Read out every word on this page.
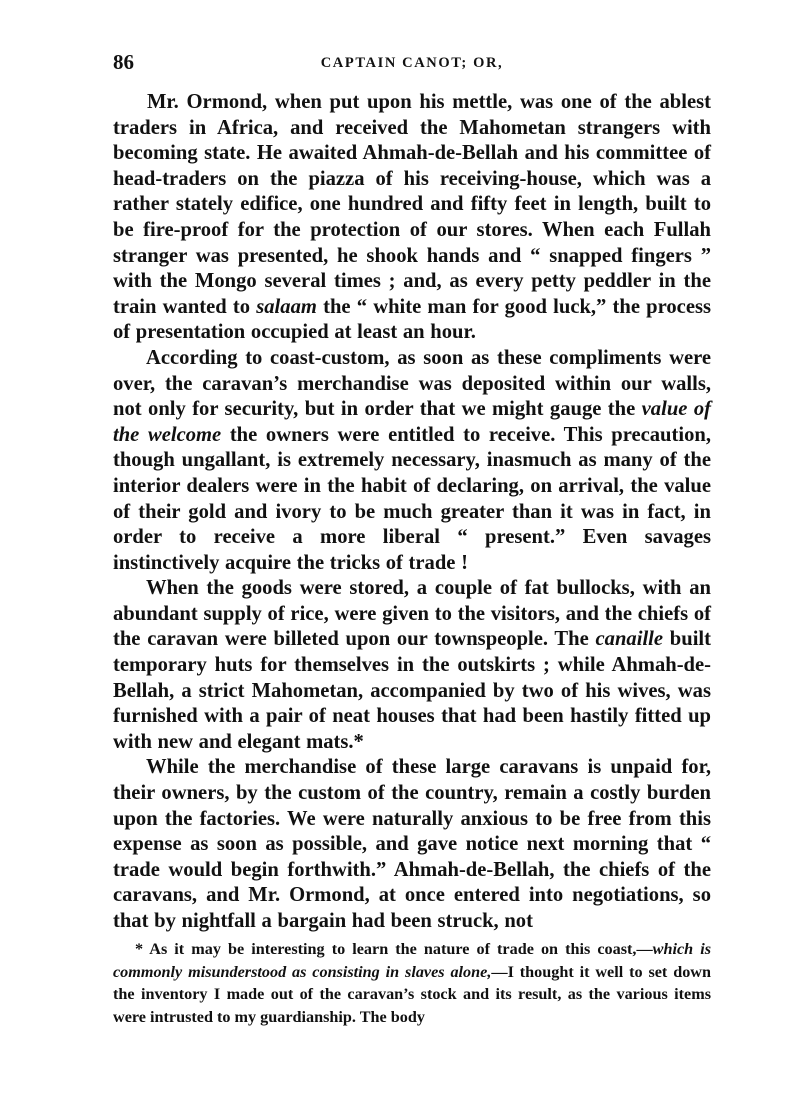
86	CAPTAIN CANOT; OR,

Mr. Ormond, when put upon his mettle, was one of the ablest traders in Africa, and received the Mahometan strangers with becoming state. He awaited Ahmah-de-Bellah and his committee of head-traders on the piazza of his receiving-house, which was a rather stately edifice, one hundred and fifty feet in length, built to be fire-proof for the protection of our stores. When each Fullah stranger was presented, he shook hands and “ snapped fingers ” with the Mongo several times ; and, as every petty peddler in the train wanted to salaam the “ white man for good luck,” the process of presentation occupied at least an hour.

According to coast-custom, as soon as these compliments were over, the caravan’s merchandise was deposited within our walls, not only for security, but in order that we might gauge the value of the welcome the owners were entitled to receive. This precaution, though ungallant, is extremely necessary, inasmuch as many of the interior dealers were in the habit of declaring, on arrival, the value of their gold and ivory to be much greater than it was in fact, in order to receive a more liberal “ present.” Even savages instinctively acquire the tricks of trade !

When the goods were stored, a couple of fat bullocks, with an abundant supply of rice, were given to the visitors, and the chiefs of the caravan were billeted upon our townspeople. The canaille built temporary huts for themselves in the outskirts ; while Ahmah-de-Bellah, a strict Mahometan, accompanied by two of his wives, was furnished with a pair of neat houses that had been hastily fitted up with new and elegant mats.*

While the merchandise of these large caravans is unpaid for, their owners, by the custom of the country, remain a costly burden upon the factories. We were naturally anxious to be free from this expense as soon as possible, and gave notice next morning that “ trade would begin forthwith.” Ahmah-de-Bellah, the chiefs of the caravans, and Mr. Ormond, at once entered into negotiations, so that by nightfall a bargain had been struck, not

* As it may be interesting to learn the nature of trade on this coast,—which is commonly misunderstood as consisting in slaves alone,—I thought it well to set down the inventory I made out of the caravan’s stock and its result, as the various items were intrusted to my guardianship. The body
